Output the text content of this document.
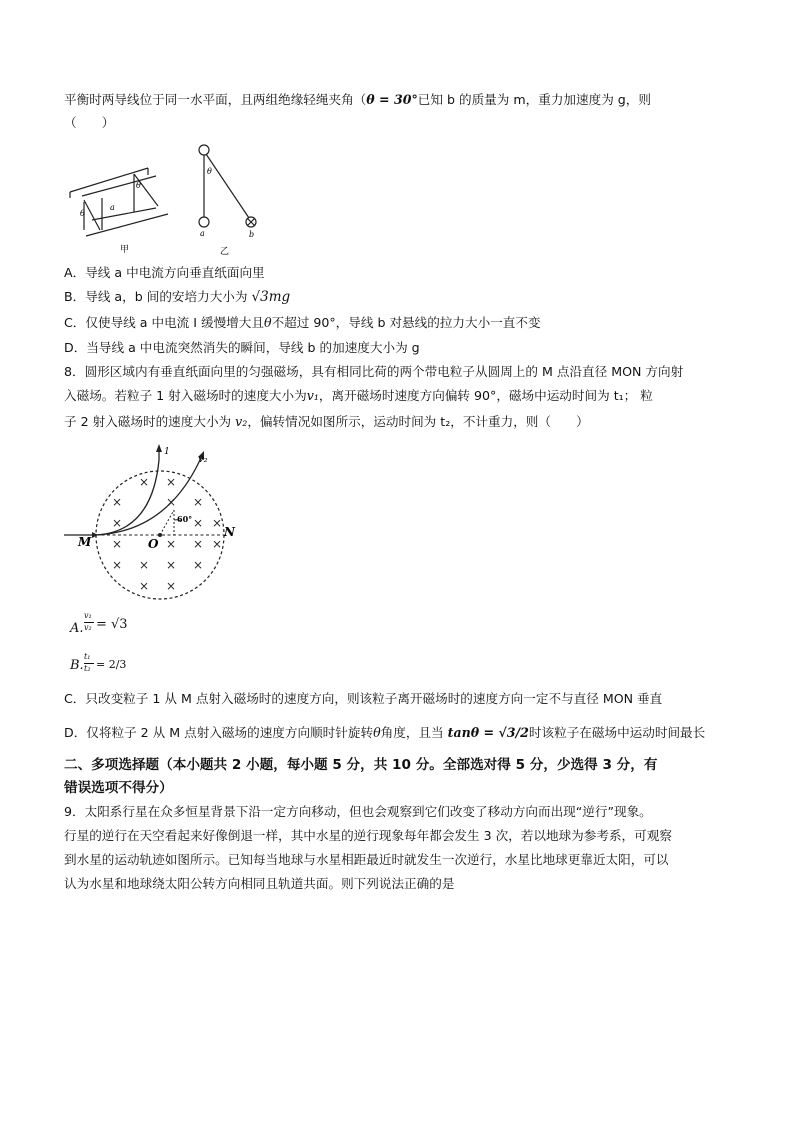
平衡时两导线位于同一水平面，且两组绝缘轻绳夹角（θ = 30°已知 b 的质量为 m，重力加速度为 g，则
（　　）
θ
θ
a
甲
θ
a	b
乙
A．导线 a 中电流方向垂直纸面向里
B．导线 a，b 间的安培力大小为 √3mg
C．仅使导线 a 中电流 I 缓慢增大且θ不超过 90°，导线 b 对悬线的拉力大小一直不变
D．当导线 a 中电流突然消失的瞬间，导线 b 的加速度大小为 g
8．圆形区域内有垂直纸面向里的匀强磁场，具有相同比荷的两个带电粒子从圆周上的 M 点沿直径 MON 方向射
入磁场。若粒子 1 射入磁场时的速度大小为v₁，离开磁场时速度方向偏转 90°，磁场中运动时间为 t₁； 粒
子 2 射入磁场时的速度大小为 v₂，偏转情况如图所示，运动时间为 t₂，不计重力，则（　　）
×
× ×
×
× ×
×	× × ×
× × × ×
× ×
× ×
1
v₂
60°
M	O
N
A.
v₁
v₂ = √3
B.
t₁
t₂ = 2/3
C．只改变粒子 1 从 M 点射入磁场时的速度方向，则该粒子离开磁场时的速度方向一定不与直径 MON 垂直
D．仅将粒子 2 从 M 点射入磁场的速度方向顺时针旋转θ角度，且当 tanθ = √3/2时该粒子在磁场中运动时间最长
二、多项选择题（本小题共 2 小题，每小题 5 分，共 10 分。全部选对得 5 分，少选得 3 分，有
错误选项不得分）
9．太阳系行星在众多恒星背景下沿一定方向移动，但也会观察到它们改变了移动方向而出现“逆行”现象。
行星的逆行在天空看起来好像倒退一样，其中水星的逆行现象每年都会发生 3 次，若以地球为参考系，可观察
到水星的运动轨迹如图所示。已知每当地球与水星相距最近时就发生一次逆行，水星比地球更靠近太阳，可以
认为水星和地球绕太阳公转方向相同且轨道共面。则下列说法正确的是
